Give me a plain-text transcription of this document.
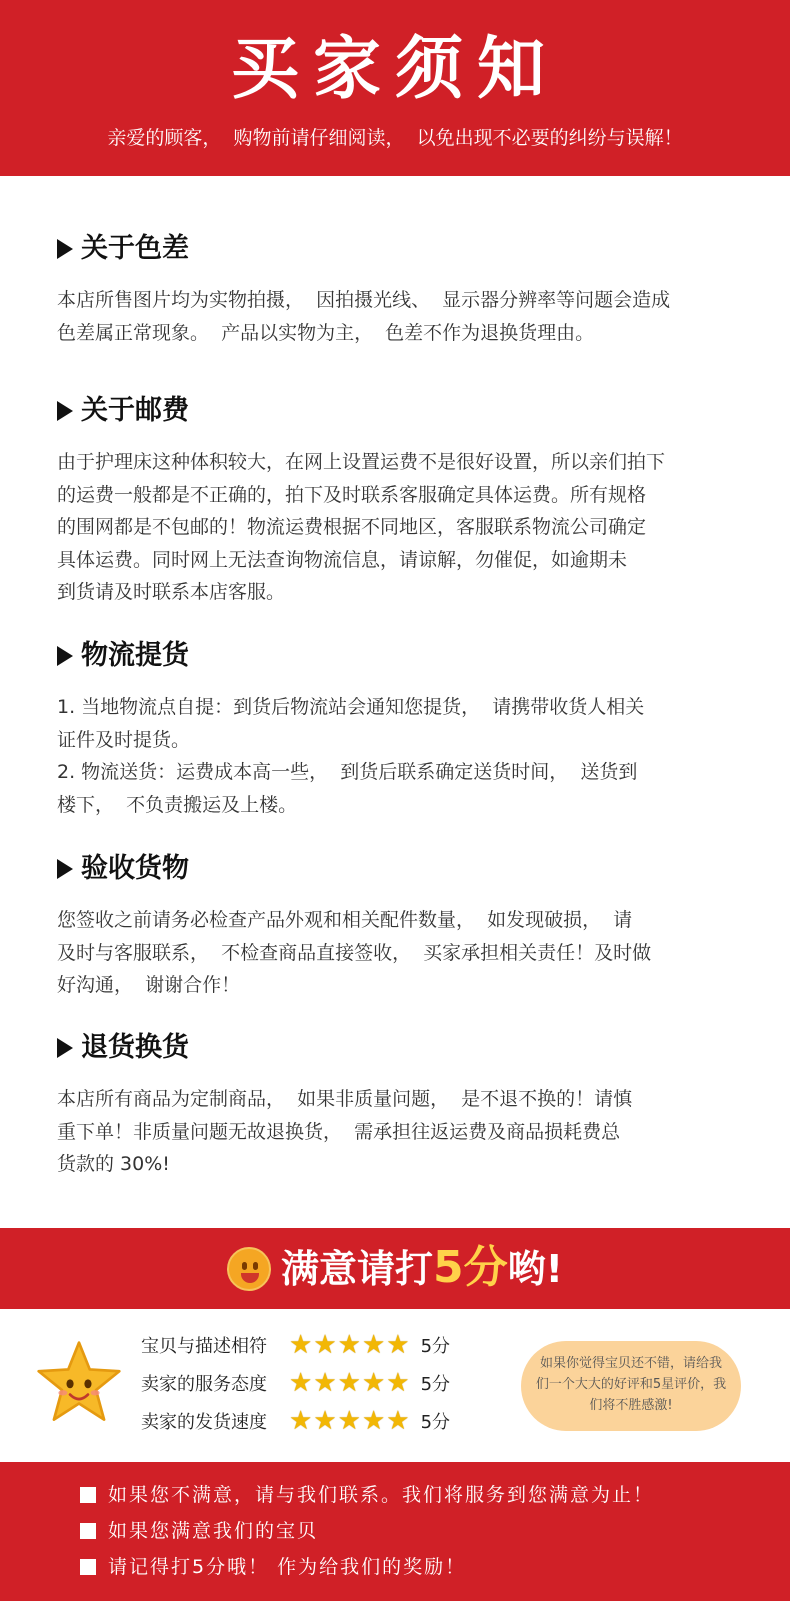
买家须知
亲爱的顾客，  购物前请仔细阅读，  以免出现不必要的纠纷与误解！
关于色差
本店所售图片均为实物拍摄，  因拍摄光线、  显示器分辨率等问题会造成
色差属正常现象。  产品以实物为主，  色差不作为退换货理由。
关于邮费
由于护理床这种体积较大，在网上设置运费不是很好设置，所以亲们拍下
的运费一般都是不正确的，拍下及时联系客服确定具体运费。所有规格
的围网都是不包邮的！物流运费根据不同地区，客服联系物流公司确定
具体运费。同时网上无法查询物流信息，请谅解，勿催促，如逾期未
到货请及时联系本店客服。
物流提货
1. 当地物流点自提：到货后物流站会通知您提货，  请携带收货人相关
证件及时提货。
2. 物流送货：运费成本高一些，  到货后联系确定送货时间，  送货到
楼下，  不负责搬运及上楼。
验收货物
您签收之前请务必检查产品外观和相关配件数量，  如发现破损，  请
及时与客服联系，  不检查商品直接签收，  买家承担相关责任！及时做
好沟通，  谢谢合作！
退货换货
本店所有商品为定制商品，  如果非质量问题，  是不退不换的！请慎
重下单！非质量问题无故退换货，  需承担往返运费及商品损耗费总
货款的 30%!
满意请打5分哟!
宝贝与描述相符 ★ ★ ★ ★ ★ 5分
卖家的服务态度 ★ ★ ★ ★ ★ 5分
卖家的发货速度 ★ ★ ★ ★ ★ 5分
如果你觉得宝贝还不错，请给我们一个大大的好评和5星评价，我们将不胜感激!
如果您不满意，请与我们联系。我们将服务到您满意为止！
如果您满意我们的宝贝
请记得打5分哦！ 作为给我们的奖励！
